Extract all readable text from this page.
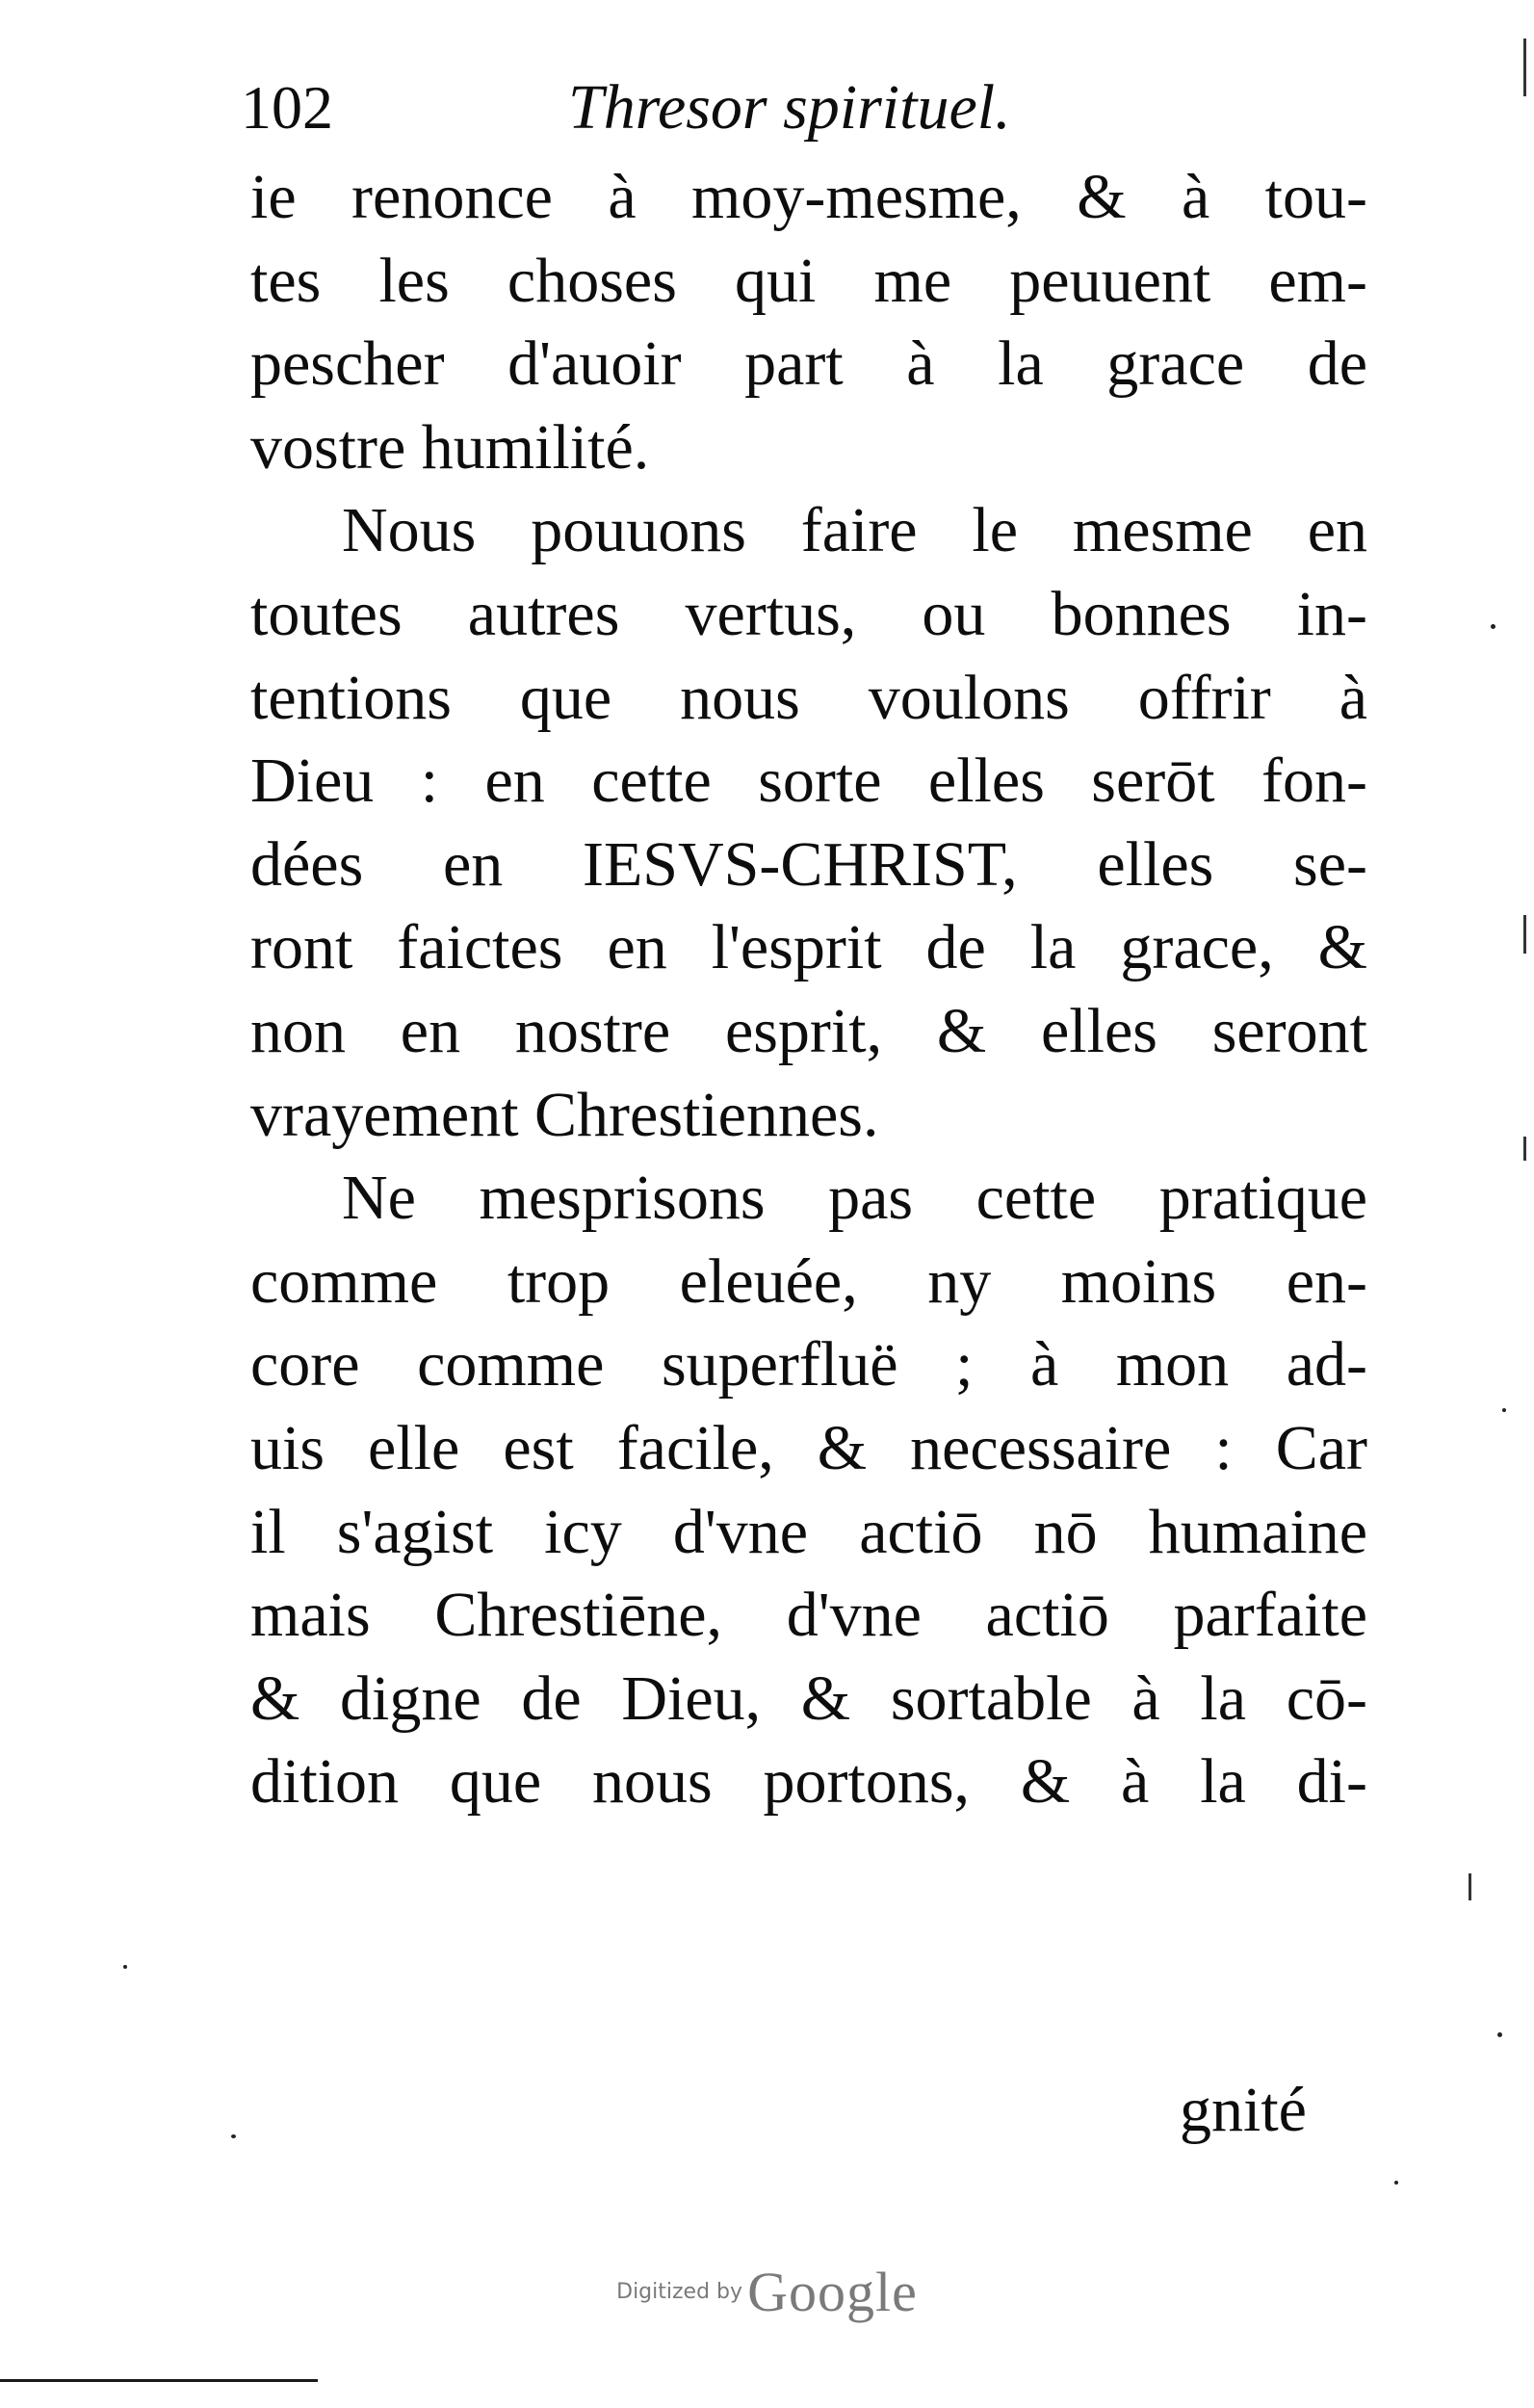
102	Thresor spirituel.
ie renonce à moy-mesme, & à tou-
tes les choses qui me peuuent em-
pescher d'auoir part à la grace de
vostre humilité.
Nous pouuons faire le mesme en
toutes autres vertus, ou bonnes in-
tentions que nous voulons offrir à
Dieu : en cette sorte elles serōt fon-
dées en IESVS-CHRIST, elles se-
ront faictes en l'esprit de la grace, &
non en nostre esprit, & elles seront
vrayement Chrestiennes.
Ne mesprisons pas cette pratique
comme trop eleuée, ny moins en-
core comme superfluë ; à mon ad-
uis elle est facile, & necessaire : Car
il s'agist icy d'vne actiō nō humaine
mais Chrestiēne, d'vne actiō parfaite
& digne de Dieu, & sortable à la cō-
dition que nous portons, & à la di-
gnité
Digitized by Google
